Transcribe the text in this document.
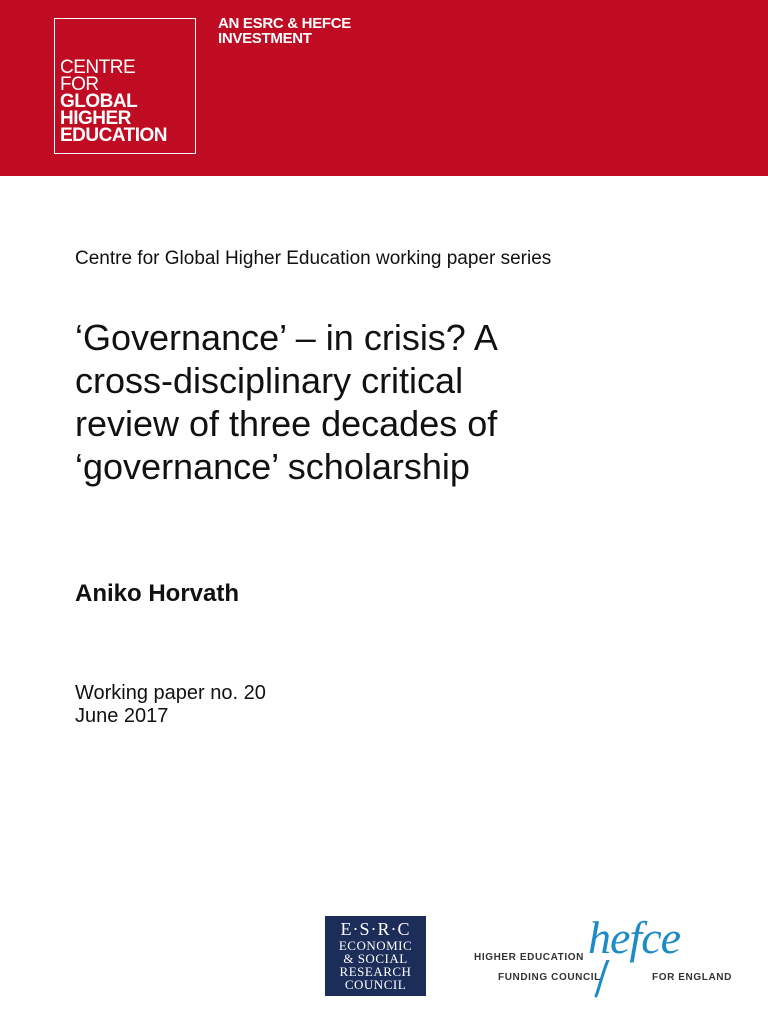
CENTRE
FOR
GLOBAL
HIGHER
EDUCATION
AN ESRC & HEFCE
INVESTMENT
Centre for Global Higher Education working paper series
‘Governance’ – in crisis? A
cross-disciplinary critical
review of three decades of
‘governance’ scholarship
Aniko Horvath
Working paper no. 20
June 2017
E·S·R·C
ECONOMIC
& SOCIAL
RESEARCH
COUNCIL
hefce
HIGHER EDUCATION
FUNDING COUNCIL	FOR ENGLAND
